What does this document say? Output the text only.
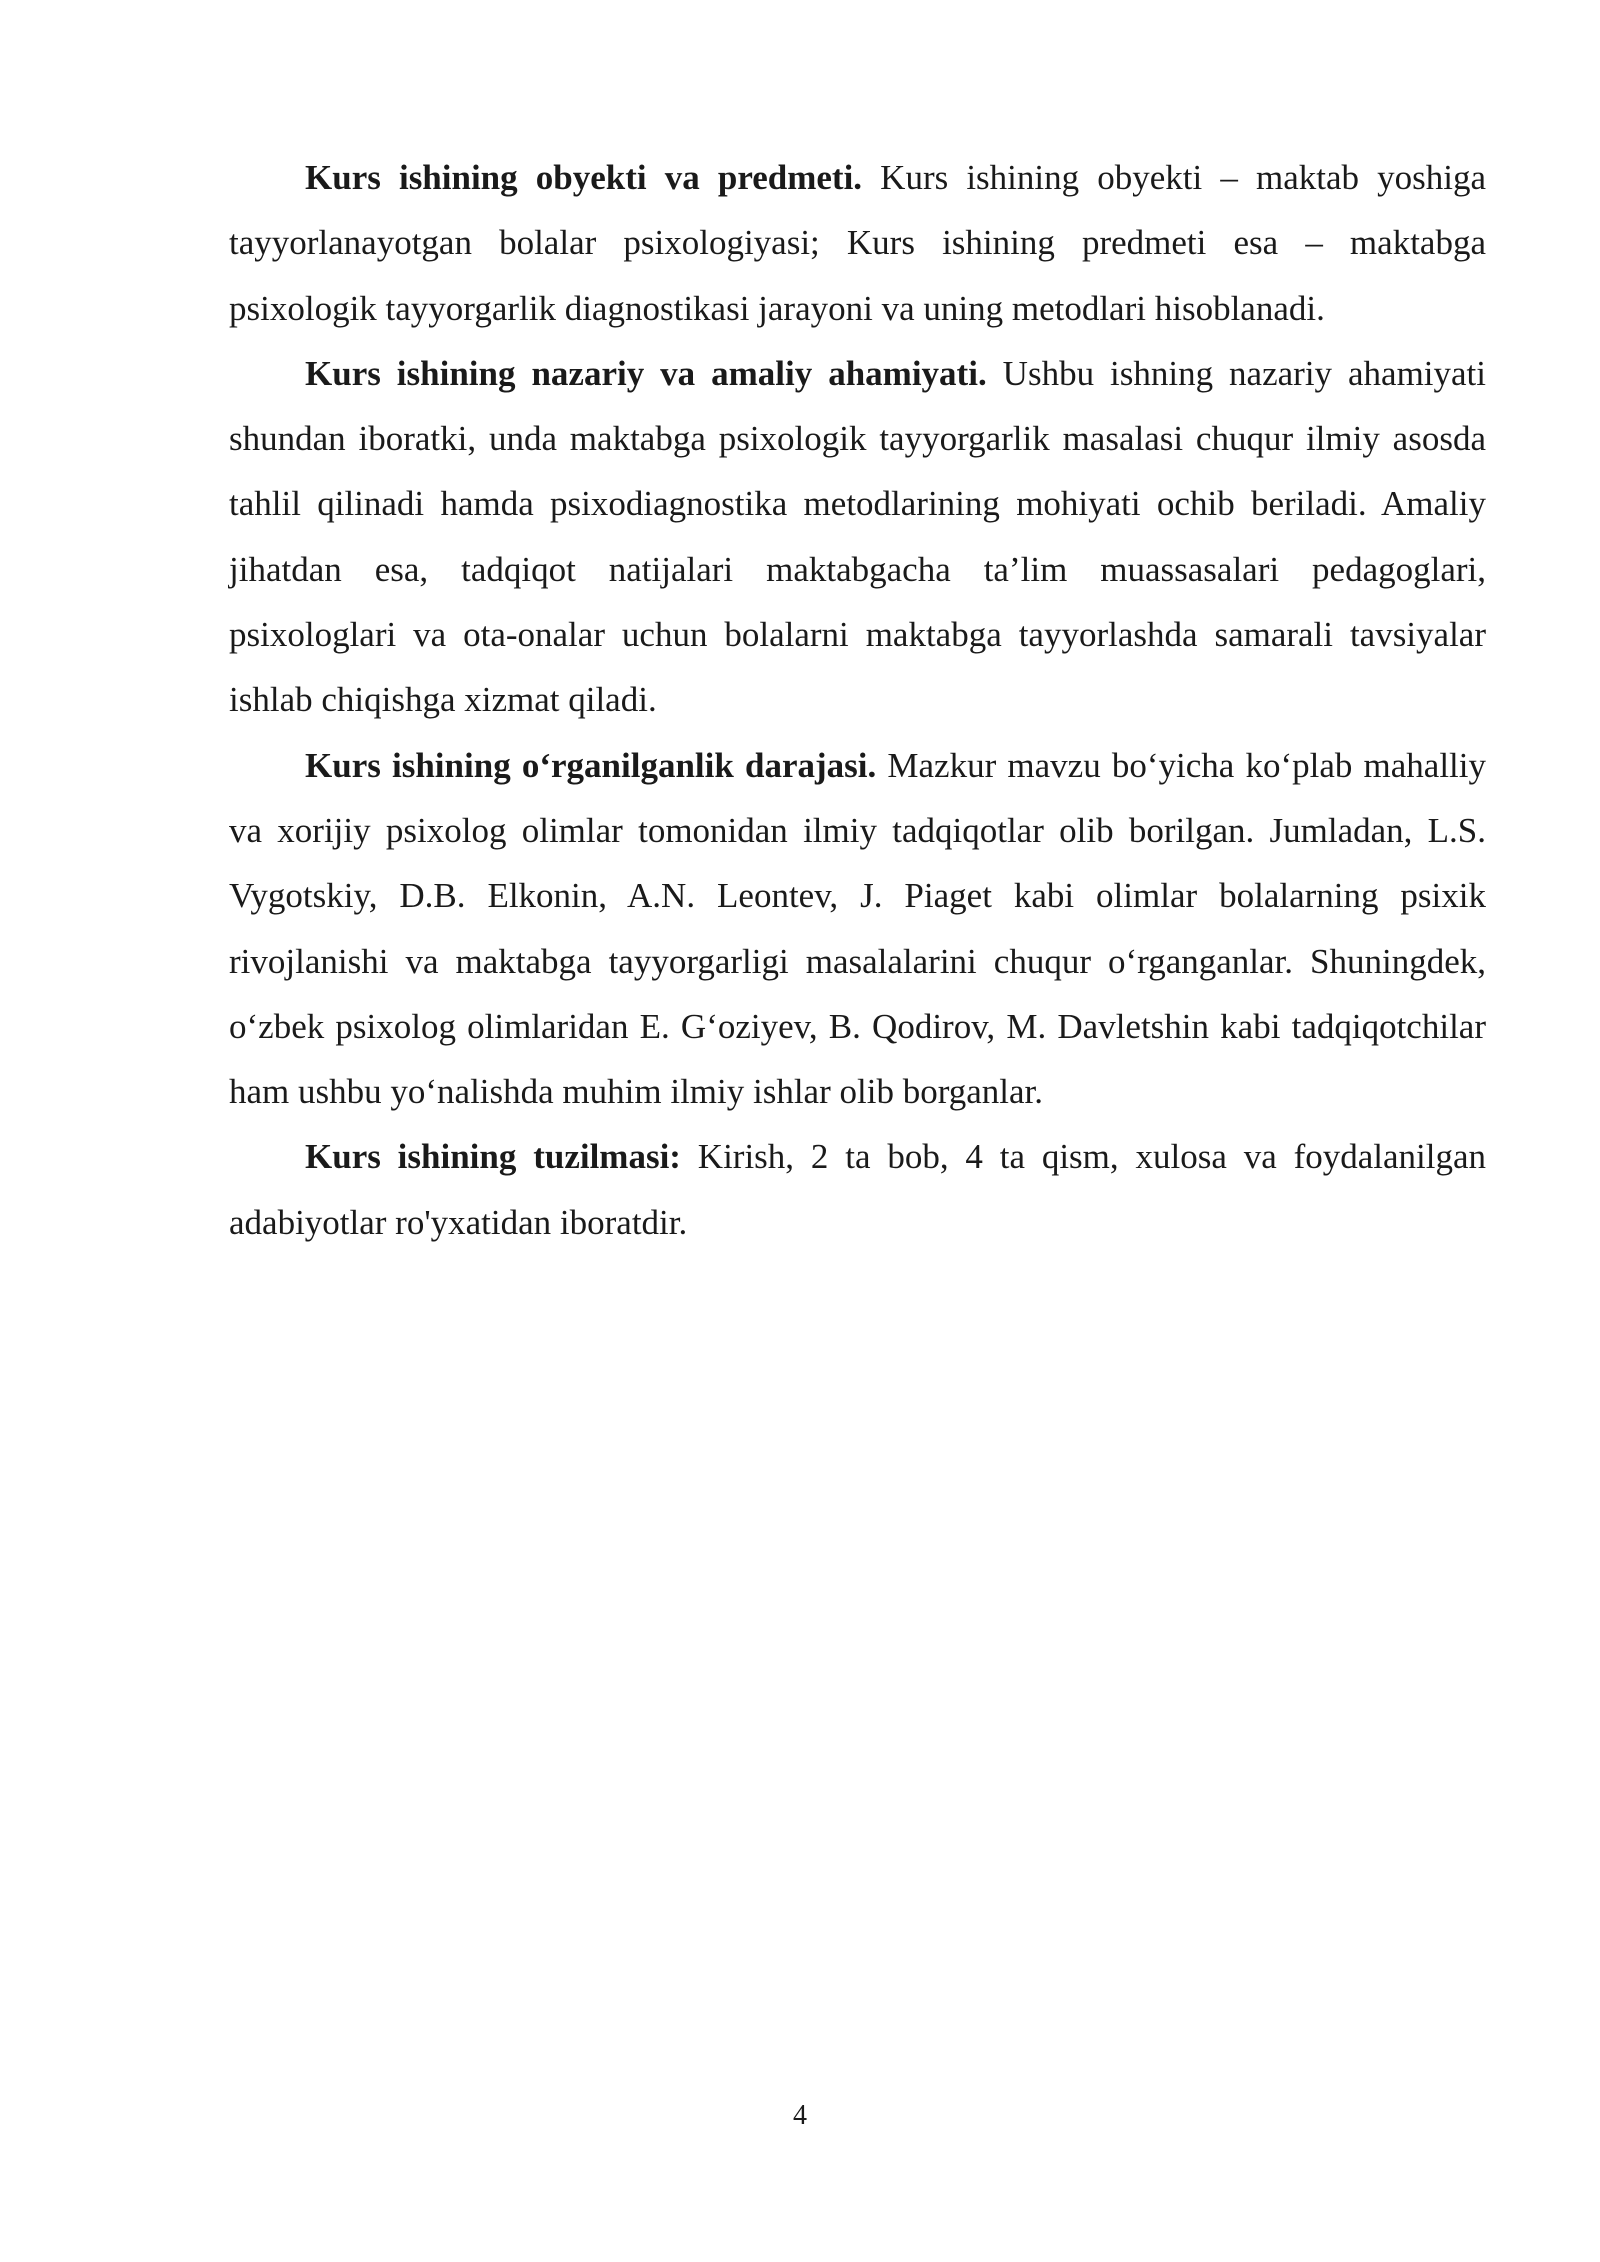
Kurs ishining obyekti va predmeti. Kurs ishining obyekti – maktab yoshiga tayyorlanayotgan bolalar psixologiyasi; Kurs ishining predmeti esa – maktabga psixologik tayyorgarlik diagnostikasi jarayoni va uning metodlari hisoblanadi.

Kurs ishining nazariy va amaliy ahamiyati. Ushbu ishning nazariy ahamiyati shundan iboratki, unda maktabga psixologik tayyorgarlik masalasi chuqur ilmiy asosda tahlil qilinadi hamda psixodiagnostika metodlarining mohiyati ochib beriladi. Amaliy jihatdan esa, tadqiqot natijalari maktabgacha ta’lim muassasalari pedagoglari, psixologlari va ota-onalar uchun bolalarni maktabga tayyorlashda samarali tavsiyalar ishlab chiqishga xizmat qiladi.

Kurs ishining o‘rganilganlik darajasi. Mazkur mavzu bo‘yicha ko‘plab mahalliy va xorijiy psixolog olimlar tomonidan ilmiy tadqiqotlar olib borilgan. Jumladan, L.S. Vygotskiy, D.B. Elkonin, A.N. Leontev, J. Piaget kabi olimlar bolalarning psixik rivojlanishi va maktabga tayyorgarligi masalalarini chuqur o‘rganganlar. Shuningdek, o‘zbek psixolog olimlaridan E. G‘oziyev, B. Qodirov, M. Davletshin kabi tadqiqotchilar ham ushbu yo‘nalishda muhim ilmiy ishlar olib borganlar.

Kurs ishining tuzilmasi: Kirish, 2 ta bob, 4 ta qism, xulosa va foydalanilgan adabiyotlar ro'yxatidan iboratdir.

4
